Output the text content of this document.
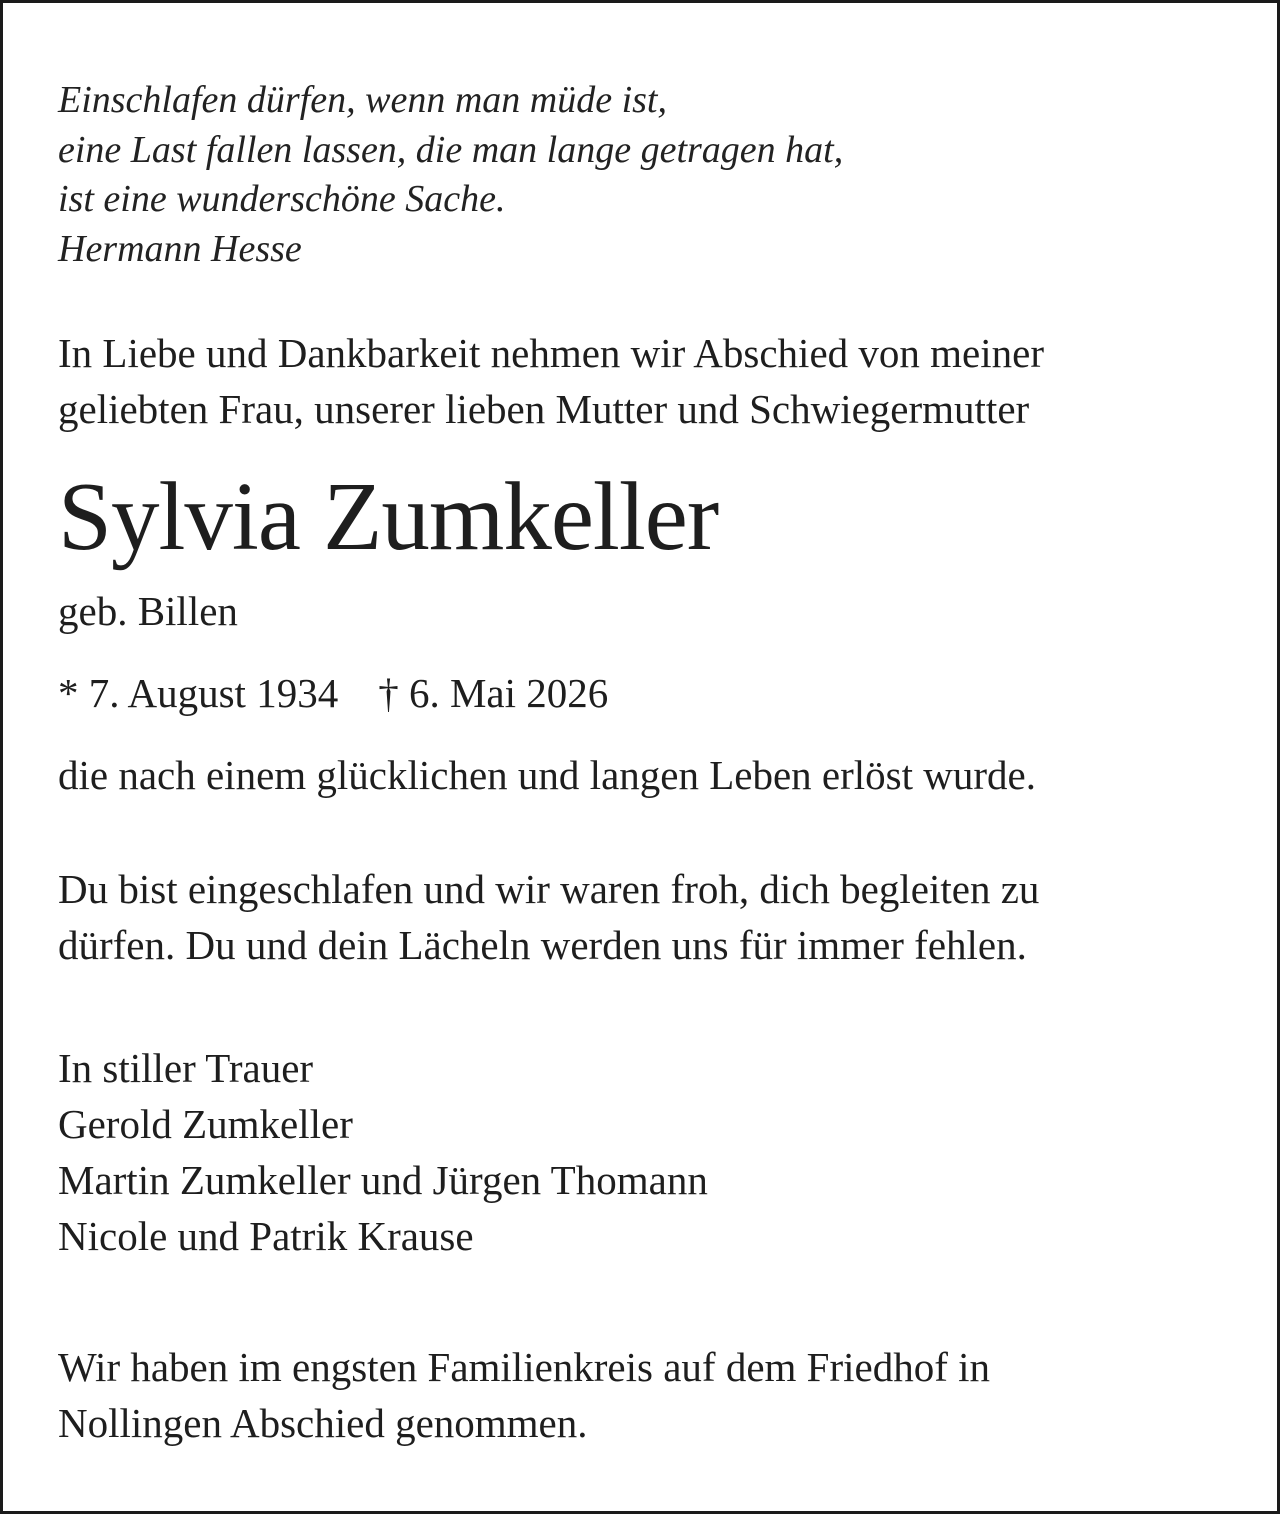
Einschlafen dürfen, wenn man müde ist,

eine Last fallen lassen, die man lange getragen hat,

ist eine wunderschöne Sache.

Hermann Hesse

In Liebe und Dankbarkeit nehmen wir Abschied von meiner

geliebten Frau, unserer lieben Mutter und Schwiegermutter

Sylvia Zumkeller

geb. Billen

* 7. August 1934 † 6. Mai 2026

die nach einem glücklichen und langen Leben erlöst wurde.

Du bist eingeschlafen und wir waren froh, dich begleiten zu

dürfen. Du und dein Lächeln werden uns für immer fehlen.

In stiller Trauer

Gerold Zumkeller

Martin Zumkeller und Jürgen Thomann

Nicole und Patrik Krause

Wir haben im engsten Familienkreis auf dem Friedhof in

Nollingen Abschied genommen.
